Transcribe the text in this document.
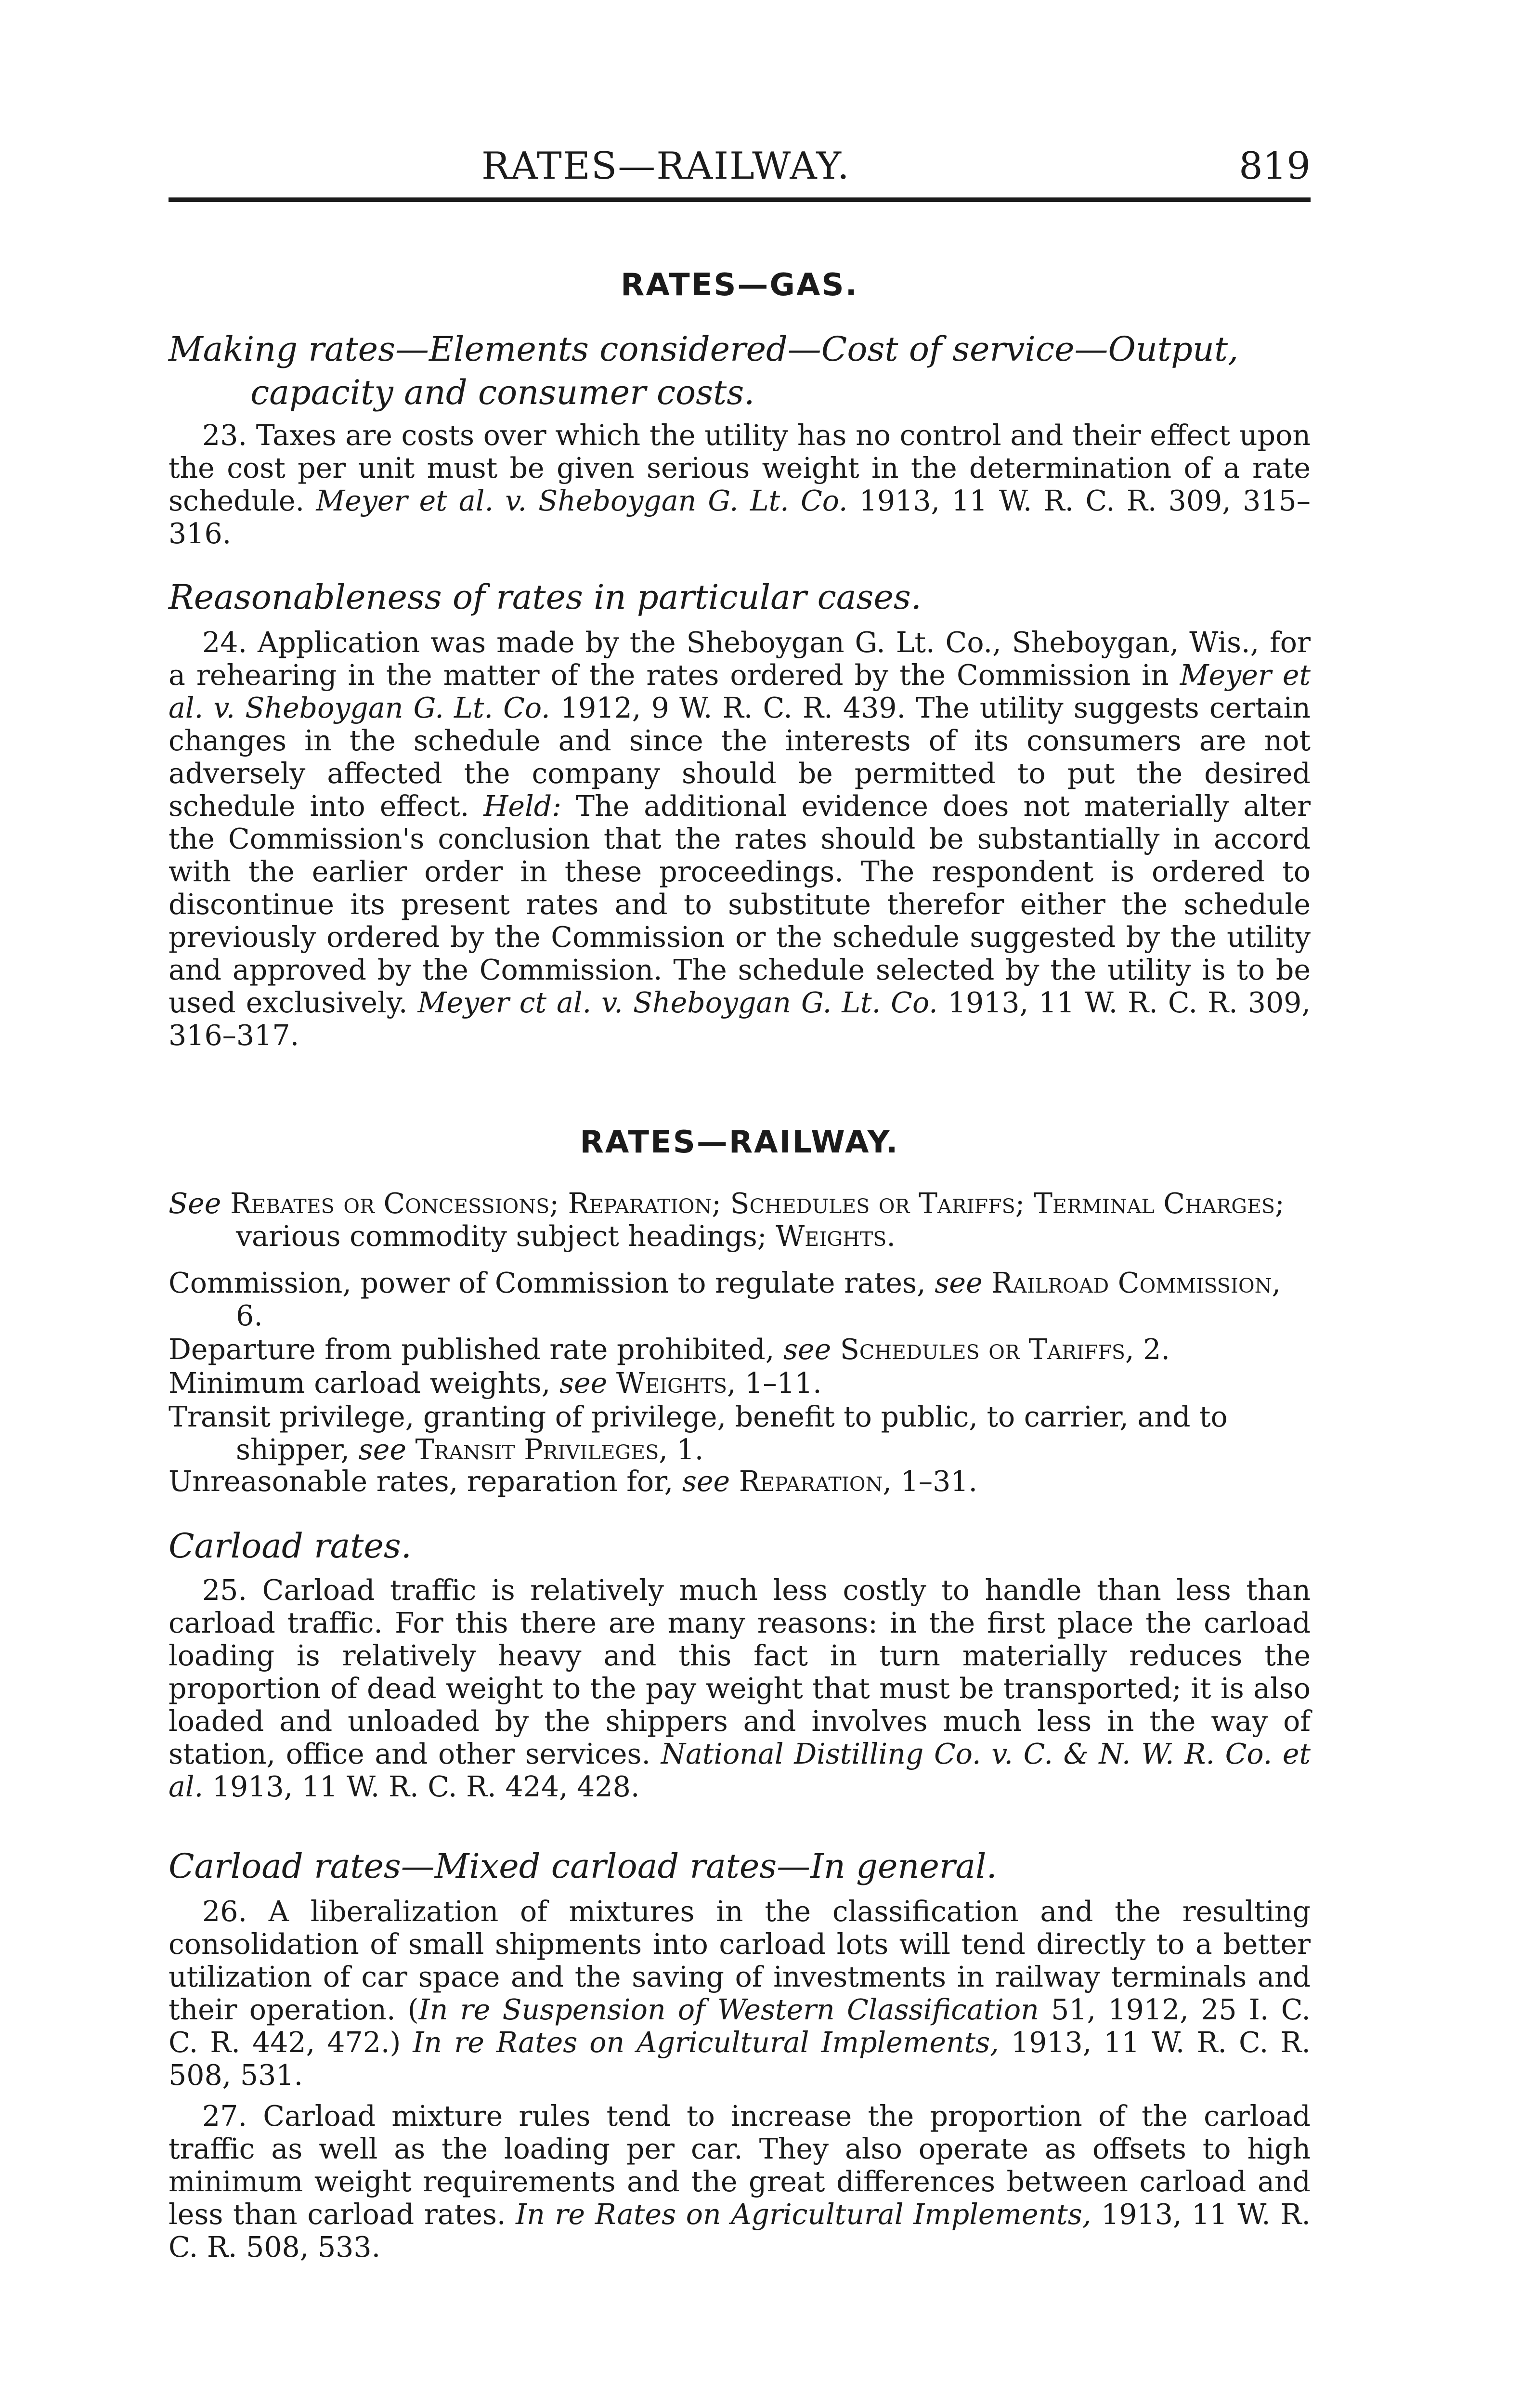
RATES—RAILWAY.	819
RATES—GAS.
Making rates—Elements considered—Cost of service—Output, capacity and consumer costs.

23. Taxes are costs over which the utility has no control and their effect upon the cost per unit must be given serious weight in the determination of a rate schedule. Meyer et al. v. Sheboygan G. Lt. Co. 1913, 11 W. R. C. R. 309, 315–316.

Reasonableness of rates in particular cases.

24. Application was made by the Sheboygan G. Lt. Co., Sheboygan, Wis., for a rehearing in the matter of the rates ordered by the Commission in Meyer et al. v. Sheboygan G. Lt. Co. 1912, 9 W. R. C. R. 439. The utility suggests certain changes in the schedule and since the interests of its consumers are not adversely affected the company should be permitted to put the desired schedule into effect. Held: The additional evidence does not materially alter the Commission's conclusion that the rates should be substantially in accord with the earlier order in these proceedings. The respondent is ordered to discontinue its present rates and to substitute therefor either the schedule previously ordered by the Commission or the schedule suggested by the utility and approved by the Commission. The schedule selected by the utility is to be used exclusively. Meyer ct al. v. Sheboygan G. Lt. Co. 1913, 11 W. R. C. R. 309, 316–317.

RATES—RAILWAY.
See Rebates or Concessions; Reparation; Schedules or Tariffs; Terminal Charges; various commodity subject headings; Weights.
Commission, power of Commission to regulate rates, see Railroad Commission, 6.
Departure from published rate prohibited, see Schedules or Tariffs, 2.
Minimum carload weights, see Weights, 1–11.
Transit privilege, granting of privilege, benefit to public, to carrier, and to shipper, see Transit Privileges, 1.
Unreasonable rates, reparation for, see Reparation, 1–31.
Carload rates.

25. Carload traffic is relatively much less costly to handle than less than carload traffic. For this there are many reasons: in the first place the carload loading is relatively heavy and this fact in turn materially reduces the proportion of dead weight to the pay weight that must be transported; it is also loaded and unloaded by the shippers and involves much less in the way of station, office and other services. National Distilling Co. v. C. & N. W. R. Co. et al. 1913, 11 W. R. C. R. 424, 428.

Carload rates—Mixed carload rates—In general.

26. A liberalization of mixtures in the classification and the resulting consolidation of small shipments into carload lots will tend directly to a better utilization of car space and the saving of investments in railway terminals and their operation. (In re Suspension of Western Classification 51, 1912, 25 I. C. C. R. 442, 472.) In re Rates on Agricultural Implements, 1913, 11 W. R. C. R. 508, 531.

27. Carload mixture rules tend to increase the proportion of the carload traffic as well as the loading per car. They also operate as offsets to high minimum weight requirements and the great differences between carload and less than carload rates. In re Rates on Agricultural Implements, 1913, 11 W. R. C. R. 508, 533.
